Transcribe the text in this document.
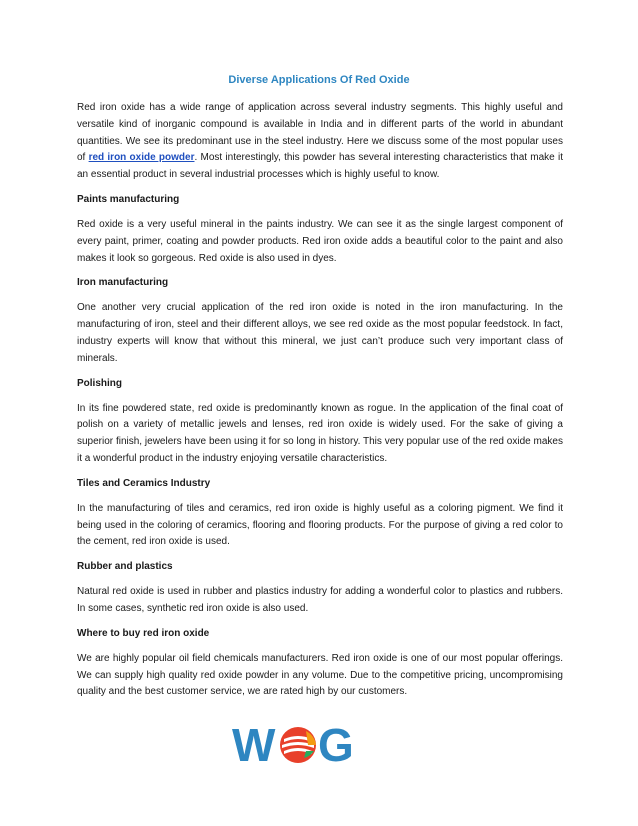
Diverse Applications Of Red Oxide

Red iron oxide has a wide range of application across several industry segments. This highly useful and versatile kind of inorganic compound is available in India and in different parts of the world in abundant quantities. We see its predominant use in the steel industry. Here we discuss some of the most popular uses of red iron oxide powder. Most interestingly, this powder has several interesting characteristics that make it an essential product in several industrial processes which is highly useful to know.

Paints manufacturing

Red oxide is a very useful mineral in the paints industry. We can see it as the single largest component of every paint, primer, coating and powder products. Red iron oxide adds a beautiful color to the paint and also makes it look so gorgeous. Red oxide is also used in dyes.

Iron manufacturing

One another very crucial application of the red iron oxide is noted in the iron manufacturing. In the manufacturing of iron, steel and their different alloys, we see red oxide as the most popular feedstock. In fact, industry experts will know that without this mineral, we just can’t produce such very important class of minerals.

Polishing

In its fine powdered state, red oxide is predominantly known as rogue. In the application of the final coat of polish on a variety of metallic jewels and lenses, red iron oxide is widely used. For the sake of giving a superior finish, jewelers have been using it for so long in history. This very popular use of the red oxide makes it a wonderful product in the industry enjoying versatile characteristics.

Tiles and Ceramics Industry

In the manufacturing of tiles and ceramics, red iron oxide is highly useful as a coloring pigment. We find it being used in the coloring of ceramics, flooring and flooring products. For the purpose of giving a red color to the cement, red iron oxide is used.

Rubber and plastics

Natural red oxide is used in rubber and plastics industry for adding a wonderful color to plastics and rubbers. In some cases, synthetic red iron oxide is also used.

Where to buy red iron oxide

We are highly popular oil field chemicals manufacturers. Red iron oxide is one of our most popular offerings. We can supply high quality red oxide powder in any volume. Due to the competitive pricing, uncompromising quality and the best customer service, we are rated high by our customers.

W G
